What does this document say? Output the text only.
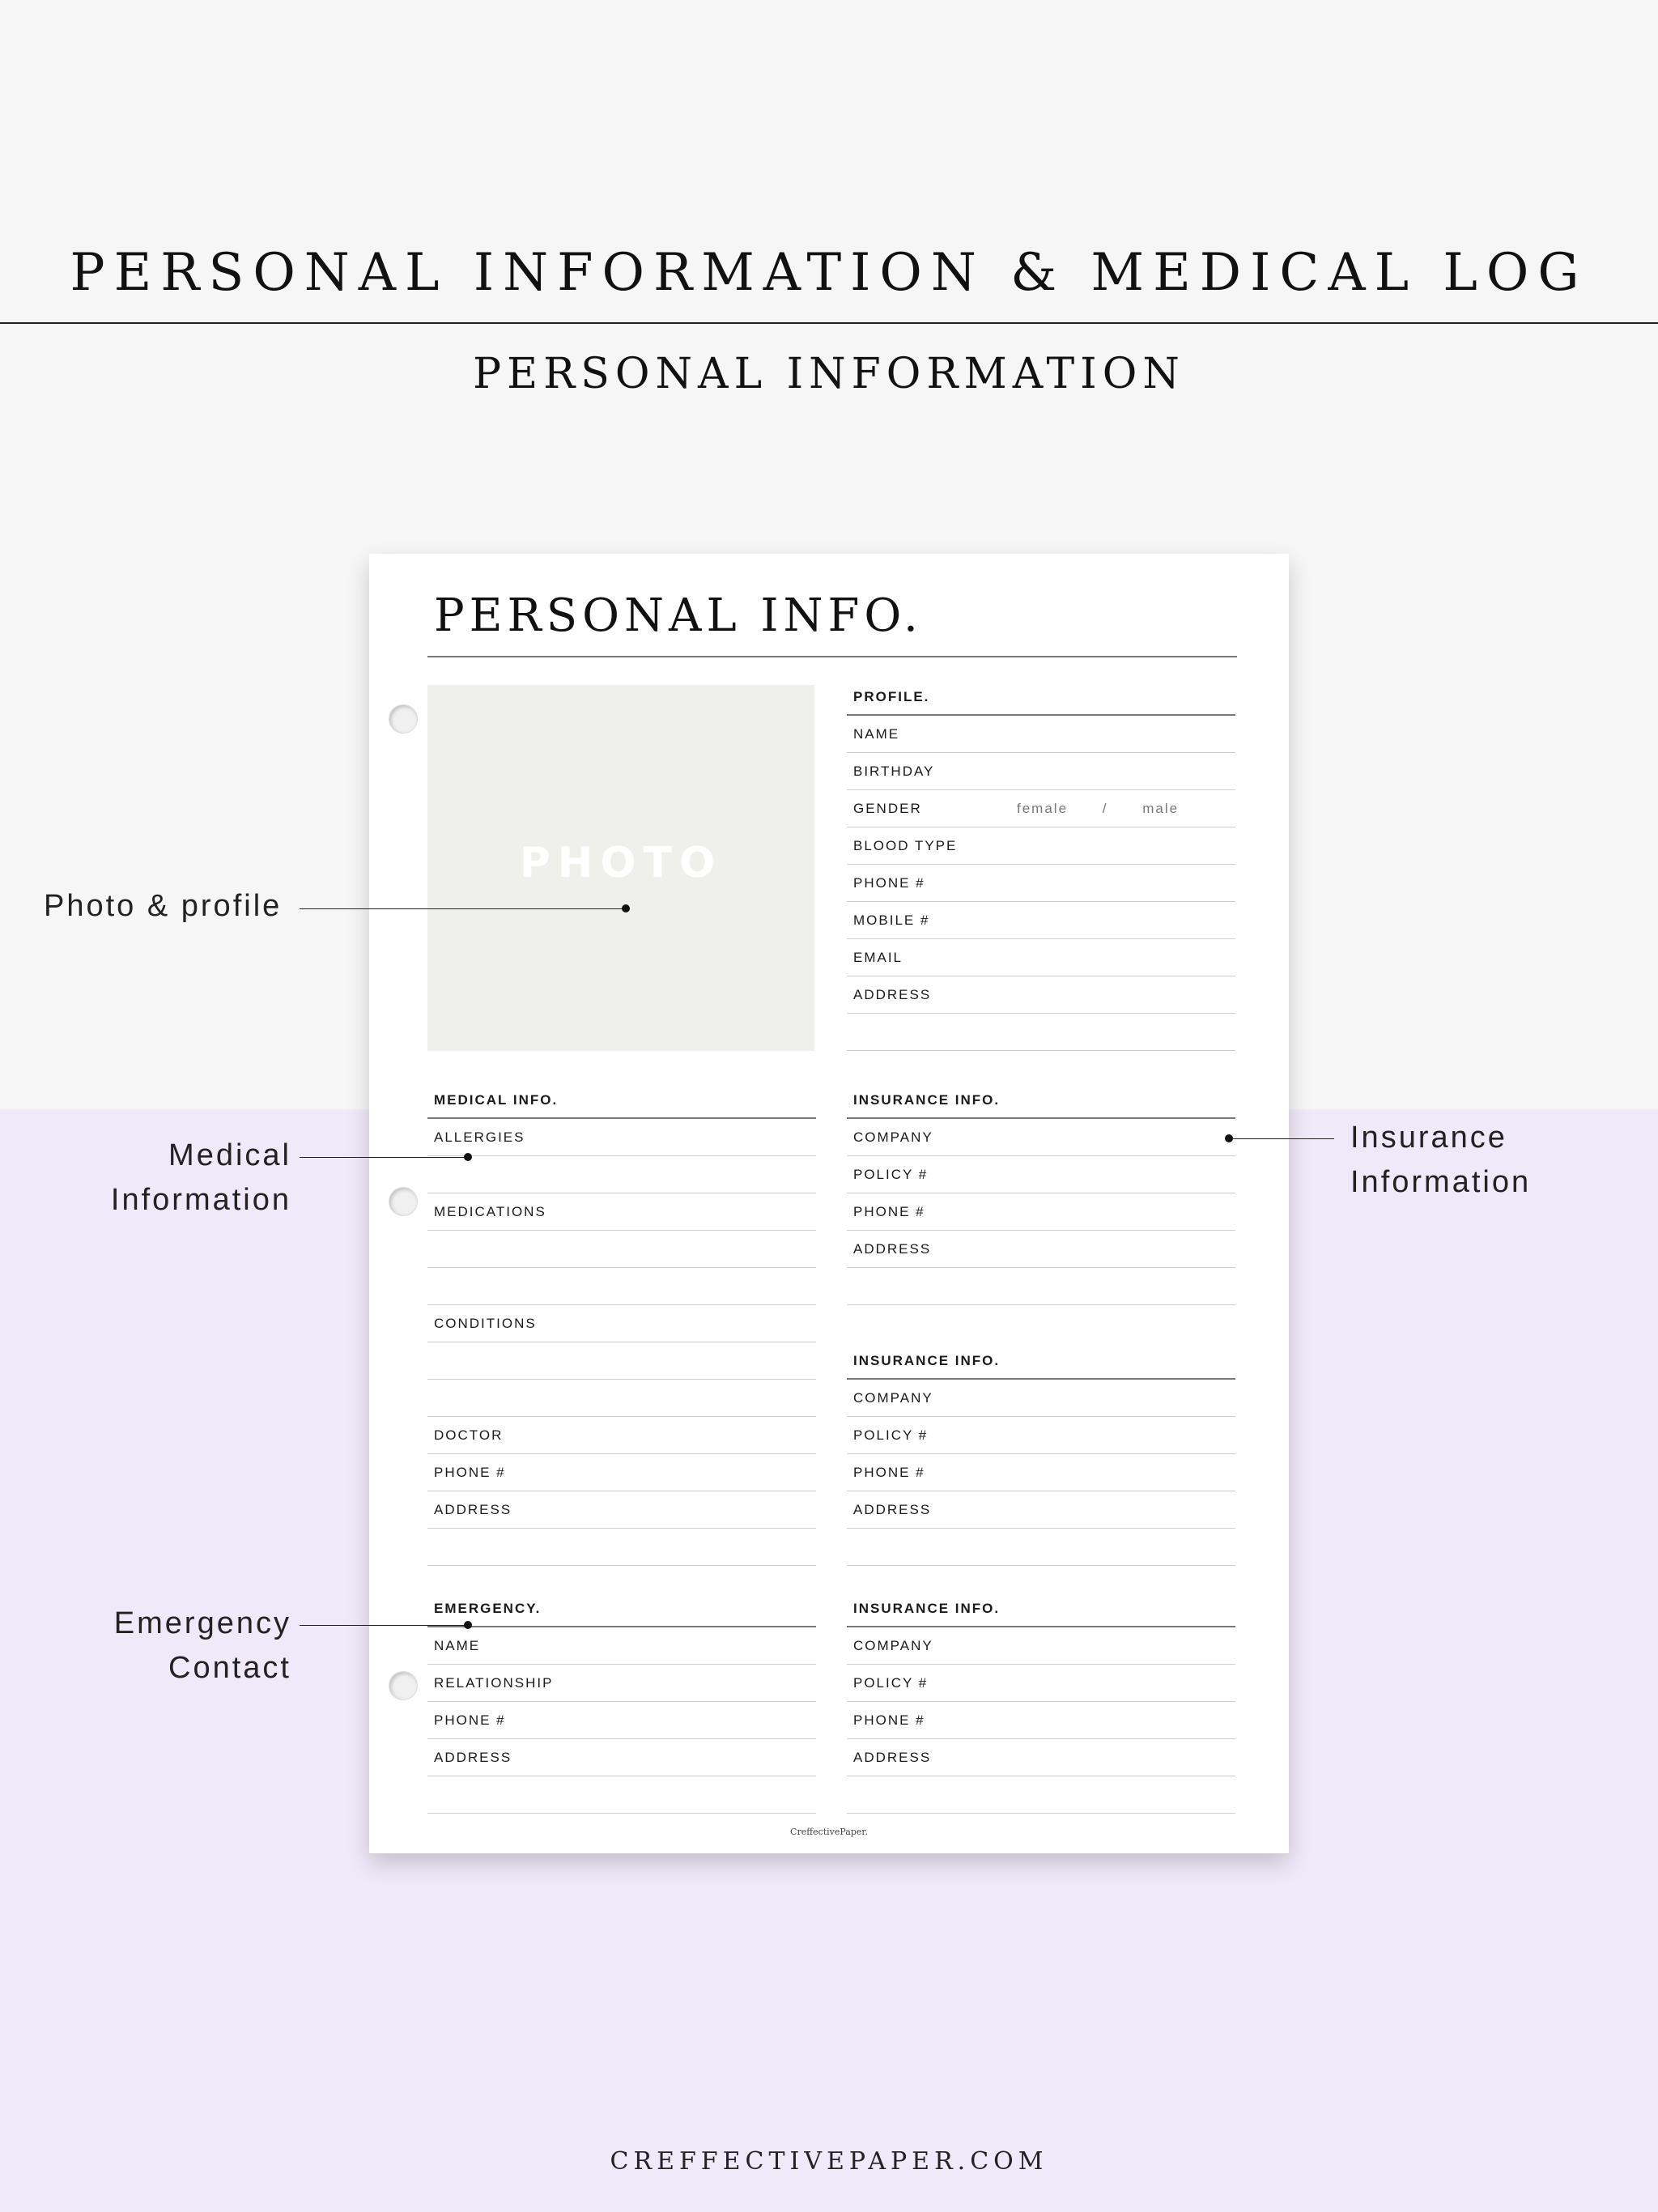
PERSONAL INFORMATION & MEDICAL LOG
PERSONAL INFORMATION
PERSONAL INFO.
PHOTO
PROFILE.
NAME
BIRTHDAY
GENDER	female	/	male
BLOOD TYPE
PHONE #
MOBILE #
EMAIL
ADDRESS
MEDICAL INFO.
ALLERGIES
MEDICATIONS
CONDITIONS
DOCTOR
PHONE #
ADDRESS
INSURANCE INFO.
COMPANY
POLICY #
PHONE #
ADDRESS
INSURANCE INFO.
COMPANY
POLICY #
PHONE #
ADDRESS
EMERGENCY.
NAME
RELATIONSHIP
PHONE #
ADDRESS
INSURANCE INFO.
COMPANY
POLICY #
PHONE #
ADDRESS
CreffectivePaper.
Photo & profile
Medical
Information
Insurance
Information
Emergency
Contact
CREFFECTIVEPAPER.COM
